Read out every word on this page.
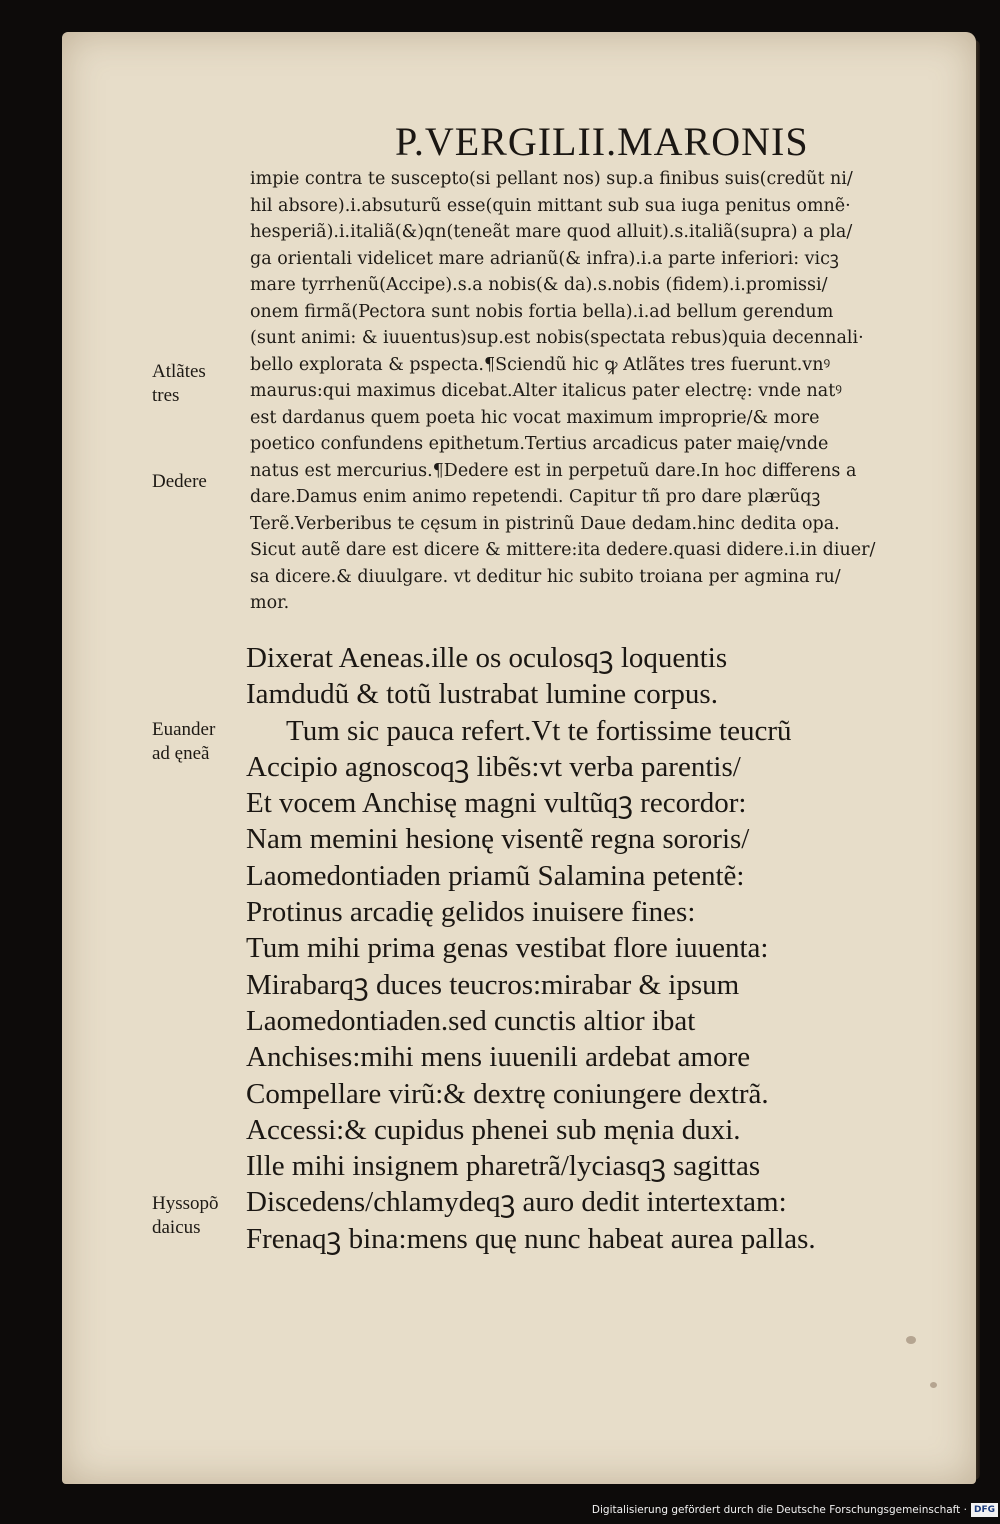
P.VERGILII.MARONIS
impie contra te suscepto(si pellant nos) sup.a finibus suis(credũt ni/
hil absore).i.absuturũ esse(quin mittant sub sua iuga penitus omnẽ·
hesperiã).i.italiã(&)qn(teneãt mare quod alluit).s.italiã(supra) a pla/
ga orientali videlicet mare adrianũ(& infra).i.a parte inferiori: vicꝫ
mare tyrrhenũ(Accipe).s.a nobis(& da).s.nobis (fidem).i.promissi/
onem firmã(Pectora sunt nobis fortia bella).i.ad bellum gerendum
(sunt animi: & iuuentus)sup.est nobis(spectata rebus)quia decennali·
bello explorata & pspecta.¶Sciendũ hic ꝙ Atlãtes tres fuerunt.vnꝰ
maurus:qui maximus dicebat.Alter italicus pater electrę: vnde natꝰ
est dardanus quem poeta hic vocat maximum improprie/& more
poetico confundens epithetum.Tertius arcadicus pater maię/vnde
natus est mercurius.¶Dedere est in perpetuũ dare.In hoc differens a
dare.Damus enim animo repetendi. Capitur tñ pro dare plærũqꝫ
Terẽ.Verberibus te cęsum in pistrinũ Daue dedam.hinc dedita opa.
Sicut autẽ dare est dicere & mittere:ita dedere.quasi didere.i.in diuer/
sa dicere.& diuulgare. vt deditur hic subito troiana per agmina ru/
mor.
Dixerat Aeneas.ille os oculosqꝫ loquentis
Iamdudũ & totũ lustrabat lumine corpus.
Tum sic pauca refert.Vt te fortissime teucrũ
Accipio agnoscoqꝫ libẽs:vt verba parentis/
Et vocem Anchisę magni vultũqꝫ recordor:
Nam memini hesionę visentẽ regna sororis/
Laomedontiaden priamũ Salamina petentẽ:
Protinus arcadię gelidos inuisere fines:
Tum mihi prima genas vestibat flore iuuenta:
Mirabarqꝫ duces teucros:mirabar & ipsum
Laomedontiaden.sed cunctis altior ibat
Anchises:mihi mens iuuenili ardebat amore
Compellare virũ:& dextrę coniungere dextrã.
Accessi:& cupidus phenei sub męnia duxi.
Ille mihi insignem pharetrã/lyciasqꝫ sagittas
Discedens/chlamydeqꝫ auro dedit intertextam:
Frenaqꝫ bina:mens quę nunc habeat aurea pallas.
Atlãtes
tres
Dedere
Euander
ad ęneã
Hyssopõ
daicus
Digitalisierung gefördert durch die Deutsche Forschungsgemeinschaft · DFG
